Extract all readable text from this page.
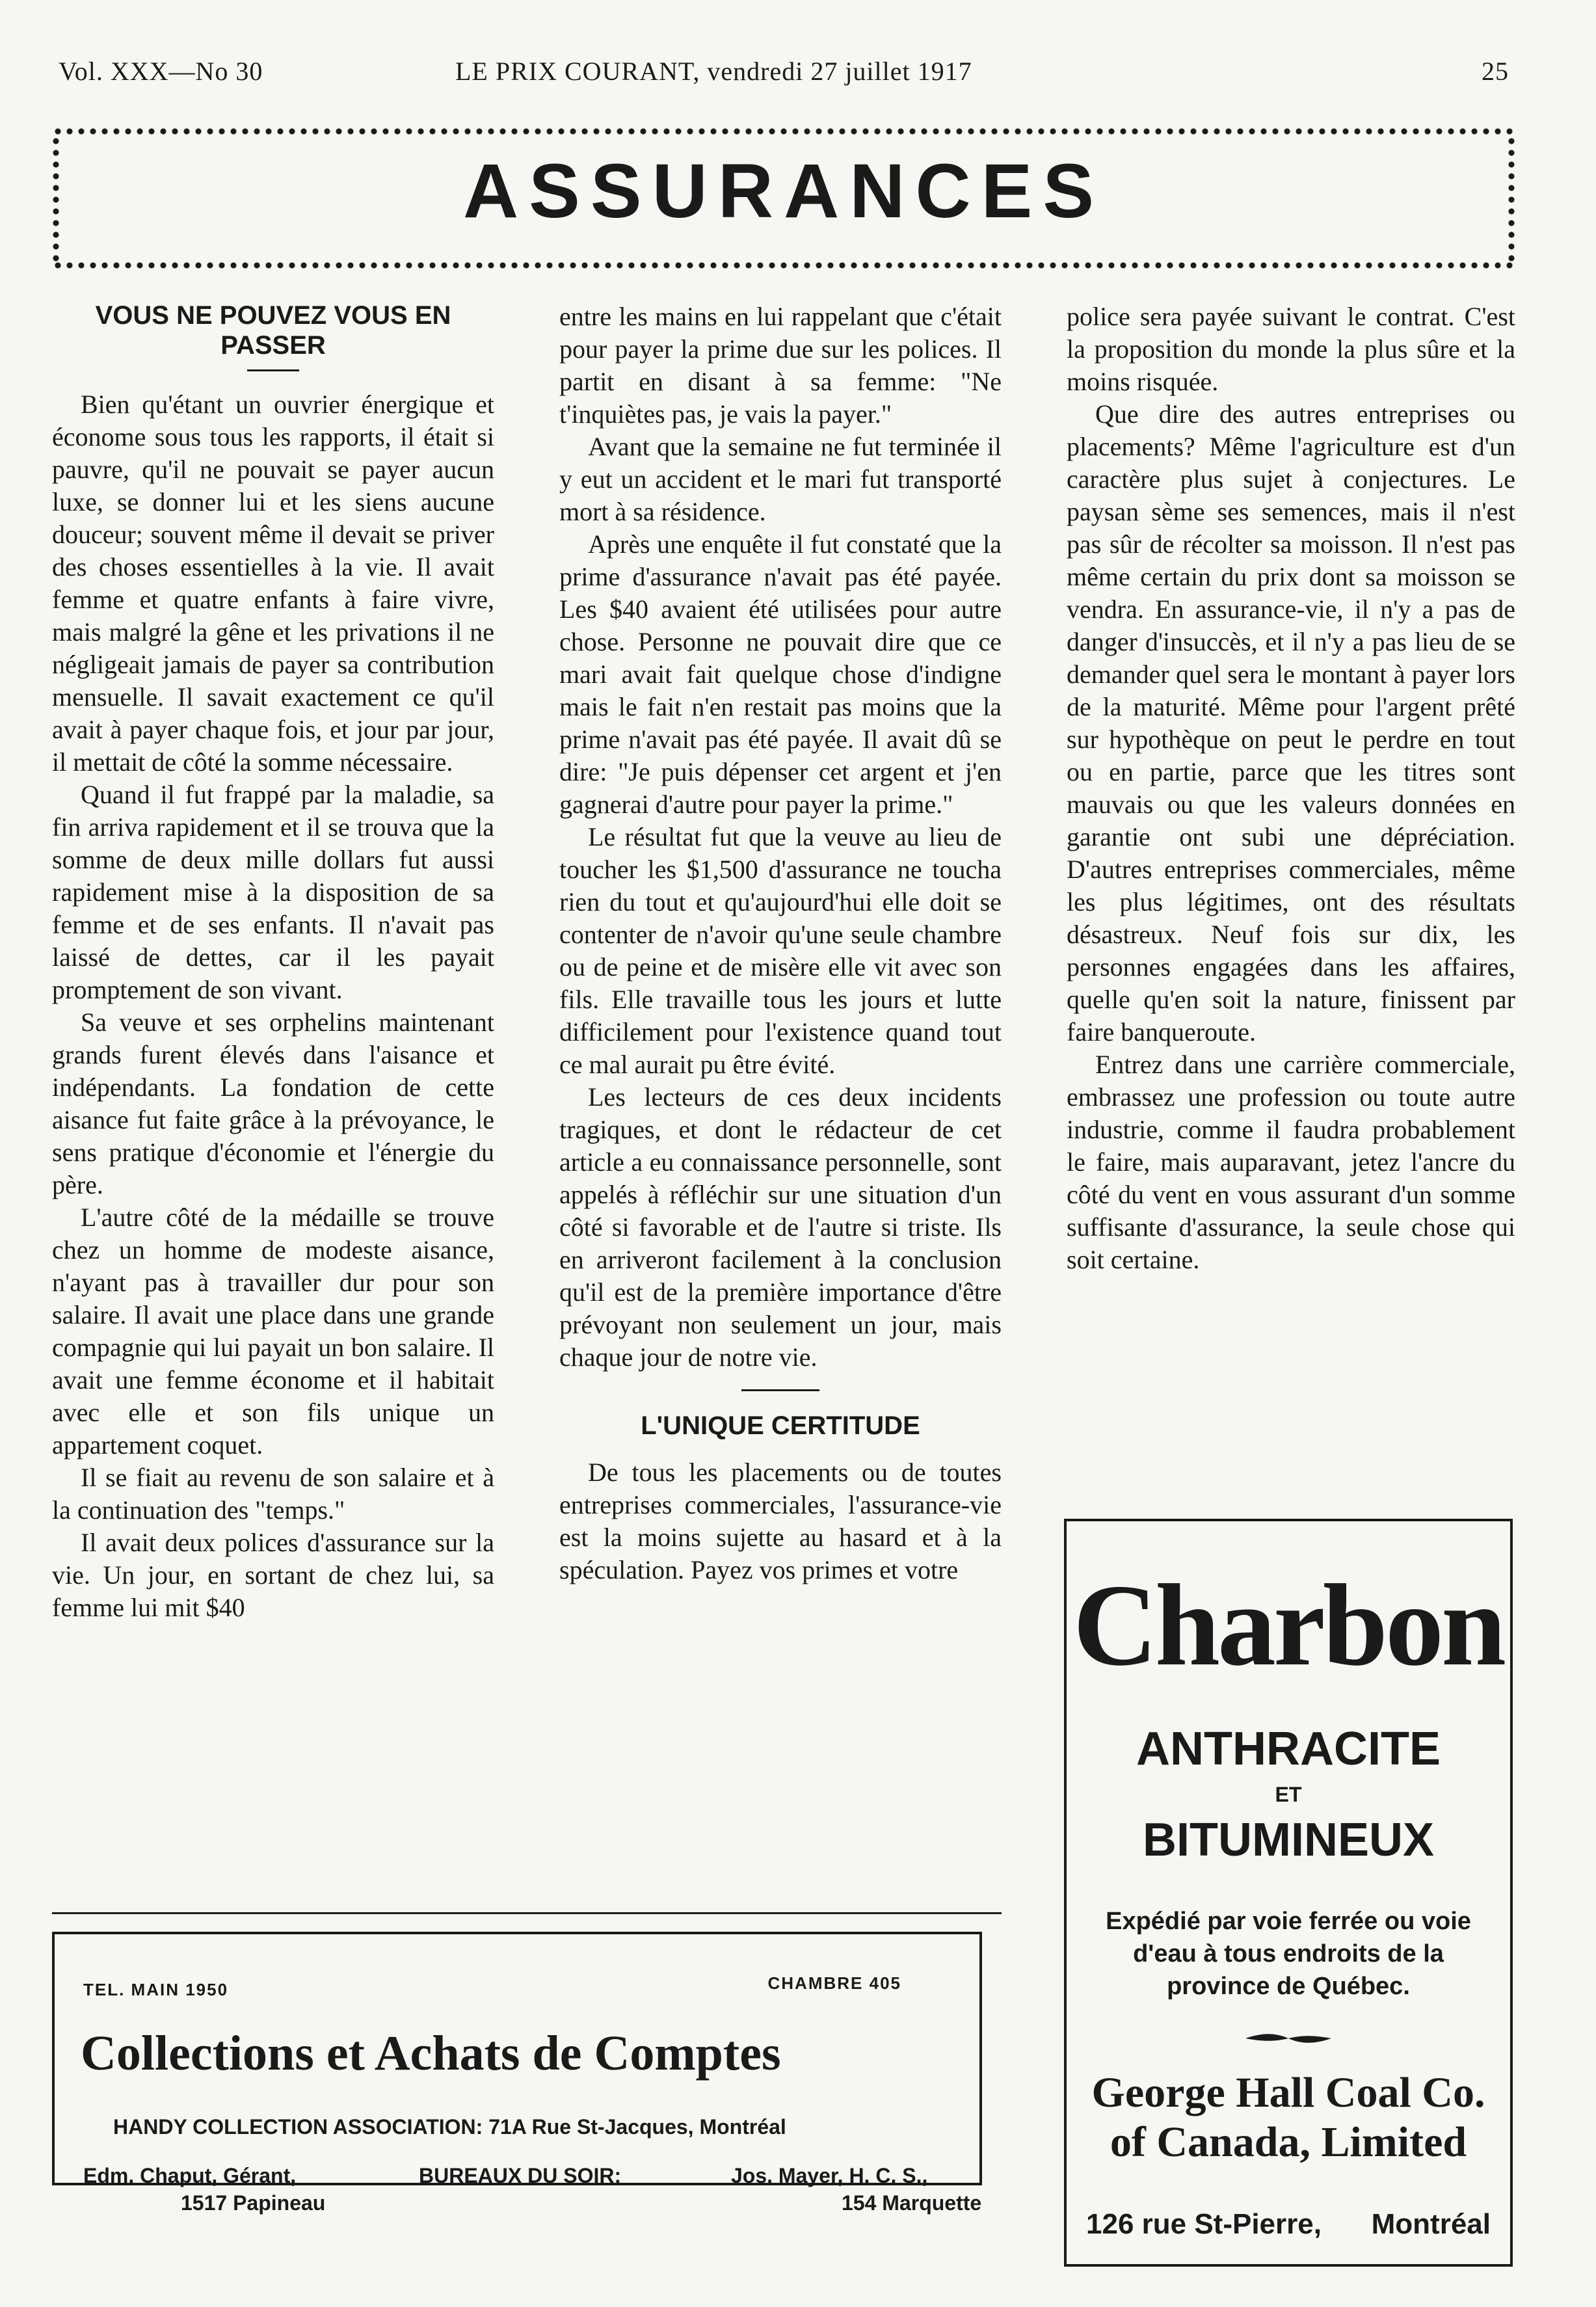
Vol. XXX—No 30	LE PRIX COURANT, vendredi 27 juillet 1917	25
ASSURANCES
VOUS NE POUVEZ VOUS EN PASSER

Bien qu'étant un ouvrier énergique et économe sous tous les rapports, il était si pauvre, qu'il ne pouvait se payer aucun luxe, se donner lui et les siens aucune douceur; souvent même il devait se priver des choses essentielles à la vie. Il avait femme et quatre enfants à faire vivre, mais malgré la gêne et les privations il ne négligeait jamais de payer sa contribution mensuelle. Il savait exactement ce qu'il avait à payer chaque fois, et jour par jour, il mettait de côté la somme nécessaire.

Quand il fut frappé par la maladie, sa fin arriva rapidement et il se trouva que la somme de deux mille dollars fut aussi rapidement mise à la disposition de sa femme et de ses enfants. Il n'avait pas laissé de dettes, car il les payait promptement de son vivant.

Sa veuve et ses orphelins maintenant grands furent élevés dans l'aisance et indépendants. La fondation de cette aisance fut faite grâce à la prévoyance, le sens pratique d'économie et l'énergie du père.

L'autre côté de la médaille se trouve chez un homme de modeste aisance, n'ayant pas à travailler dur pour son salaire. Il avait une place dans une grande compagnie qui lui payait un bon salaire. Il avait une femme économe et il habitait avec elle et son fils unique un appartement coquet.

Il se fiait au revenu de son salaire et à la continuation des "temps."

Il avait deux polices d'assurance sur la vie. Un jour, en sortant de chez lui, sa femme lui mit $40

entre les mains en lui rappelant que c'était pour payer la prime due sur les polices. Il partit en disant à sa femme: "Ne t'inquiètes pas, je vais la payer."

Avant que la semaine ne fut terminée il y eut un accident et le mari fut transporté mort à sa résidence.

Après une enquête il fut constaté que la prime d'assurance n'avait pas été payée. Les $40 avaient été utilisées pour autre chose. Personne ne pouvait dire que ce mari avait fait quelque chose d'indigne mais le fait n'en restait pas moins que la prime n'avait pas été payée. Il avait dû se dire: "Je puis dépenser cet argent et j'en gagnerai d'autre pour payer la prime."

Le résultat fut que la veuve au lieu de toucher les $1,500 d'assurance ne toucha rien du tout et qu'aujourd'hui elle doit se contenter de n'avoir qu'une seule chambre ou de peine et de misère elle vit avec son fils. Elle travaille tous les jours et lutte difficilement pour l'existence quand tout ce mal aurait pu être évité.

Les lecteurs de ces deux incidents tragiques, et dont le rédacteur de cet article a eu connaissance personnelle, sont appelés à réfléchir sur une situation d'un côté si favorable et de l'autre si triste. Ils en arriveront facilement à la conclusion qu'il est de la première importance d'être prévoyant non seulement un jour, mais chaque jour de notre vie.

L'UNIQUE CERTITUDE

De tous les placements ou de toutes entreprises commerciales, l'assurance-vie est la moins sujette au hasard et à la spéculation. Payez vos primes et votre

police sera payée suivant le contrat. C'est la proposition du monde la plus sûre et la moins risquée.

Que dire des autres entreprises ou placements? Même l'agriculture est d'un caractère plus sujet à conjectures. Le paysan sème ses semences, mais il n'est pas sûr de récolter sa moisson. Il n'est pas même certain du prix dont sa moisson se vendra. En assurance-vie, il n'y a pas de danger d'insuccès, et il n'y a pas lieu de se demander quel sera le montant à payer lors de la maturité. Même pour l'argent prêté sur hypothèque on peut le perdre en tout ou en partie, parce que les titres sont mauvais ou que les valeurs données en garantie ont subi une dépréciation. D'autres entreprises commerciales, même les plus légitimes, ont des résultats désastreux. Neuf fois sur dix, les personnes engagées dans les affaires, quelle qu'en soit la nature, finissent par faire banqueroute.

Entrez dans une carrière commerciale, embrassez une profession ou toute autre industrie, comme il faudra probablement le faire, mais auparavant, jetez l'ancre du côté du vent en vous assurant d'un somme suffisante d'assurance, la seule chose qui soit certaine.

TEL. MAIN 1950	CHAMBRE 405
Collections et Achats de Comptes
HANDY COLLECTION ASSOCIATION: 71A Rue St-Jacques, Montréal
Edm. Chaput, Gérant,
1517 Papineau
BUREAUX DU SOIR:	Jos. Mayer, H. C. S.,
154 Marquette
Charbon
ANTHRACITE
ET
BITUMINEUX
Expédié par voie ferrée ou voie d'eau à tous endroits de la province de Québec.
George Hall Coal Co.
of Canada, Limited
126 rue St-Pierre, Montréal
